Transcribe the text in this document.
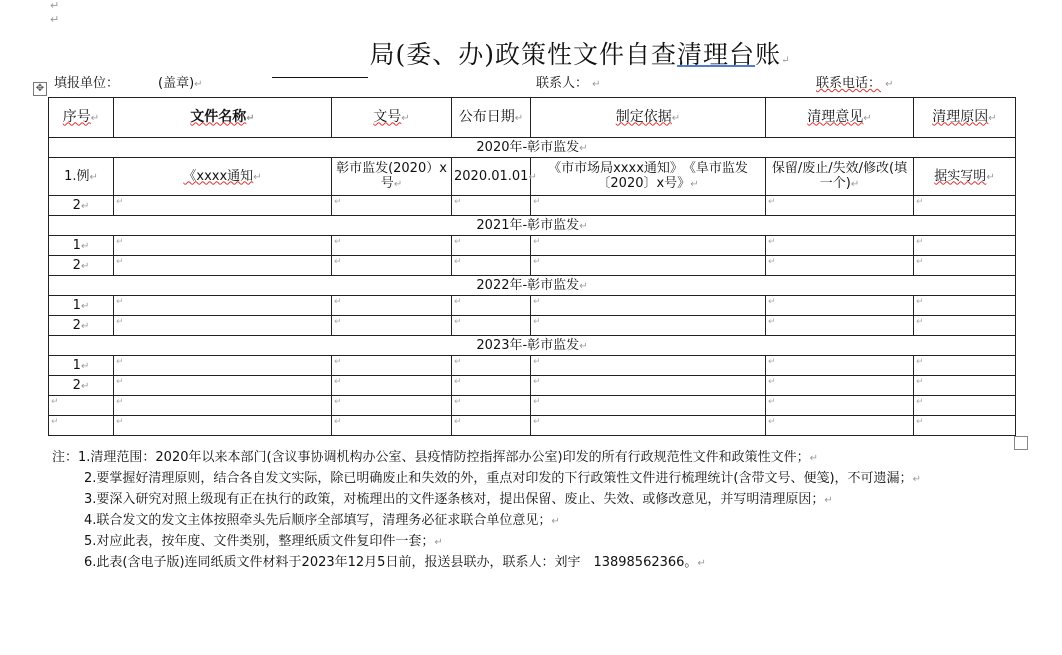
↵
↵
局(委、办)政策性文件自查清理台账↵
✥ 填报单位：	(盖章)↵	联系人： ↵	联系电话： ↵
序号↵	文件名称↵	文号↵	公布日期↵	制定依据↵	清理意见↵	清理原因↵
2020年-彰市监发↵						
1.例↵	《xxxx通知↵	彰市监发(2020）x 号↵	2020.01.01↵	《市市场局xxxx通知》　《阜市监发〔2020〕x号》↵	保留/废止/失效/修改(填一个)↵	据实写明↵
2↵	↵	↵	↵	↵	↵	↵

2021年-彰市监发↵						
1↵	↵	↵	↵	↵	↵	↵

2↵	↵	↵	↵	↵	↵	↵

2022年-彰市监发↵						
1↵	↵	↵	↵	↵	↵	↵

2↵	↵	↵	↵	↵	↵	↵

2023年-彰市监发↵						
1↵	↵	↵	↵	↵	↵	↵

2↵	↵	↵	↵	↵	↵	↵

↵	↵	↵	↵	↵	↵	↵

↵	↵	↵	↵	↵	↵	↵

注：1.清理范围：2020年以来本部门(含议事协调机构办公室、县疫情防控指挥部办公室)印发的所有行政规范性文件和政策性文件；↵

2.要掌握好清理原则，结合各自发文实际，除已明确废止和失效的外，重点对印发的下行政策性文件进行梳理统计(含带文号、便笺)，不可遗漏；↵

3.要深入研究对照上级现有正在执行的政策，对梳理出的文件逐条核对，提出保留、废止、失效、或修改意见，并写明清理原因；↵

4.联合发文的发文主体按照牵头先后顺序全部填写，清理务必征求联合单位意见；↵

5.对应此表，按年度、文件类别，整理纸质文件复印件一套；↵

6.此表(含电子版)连同纸质文件材料于2023年12月5日前，报送县联办，联系人：刘宇　13898562366。↵
